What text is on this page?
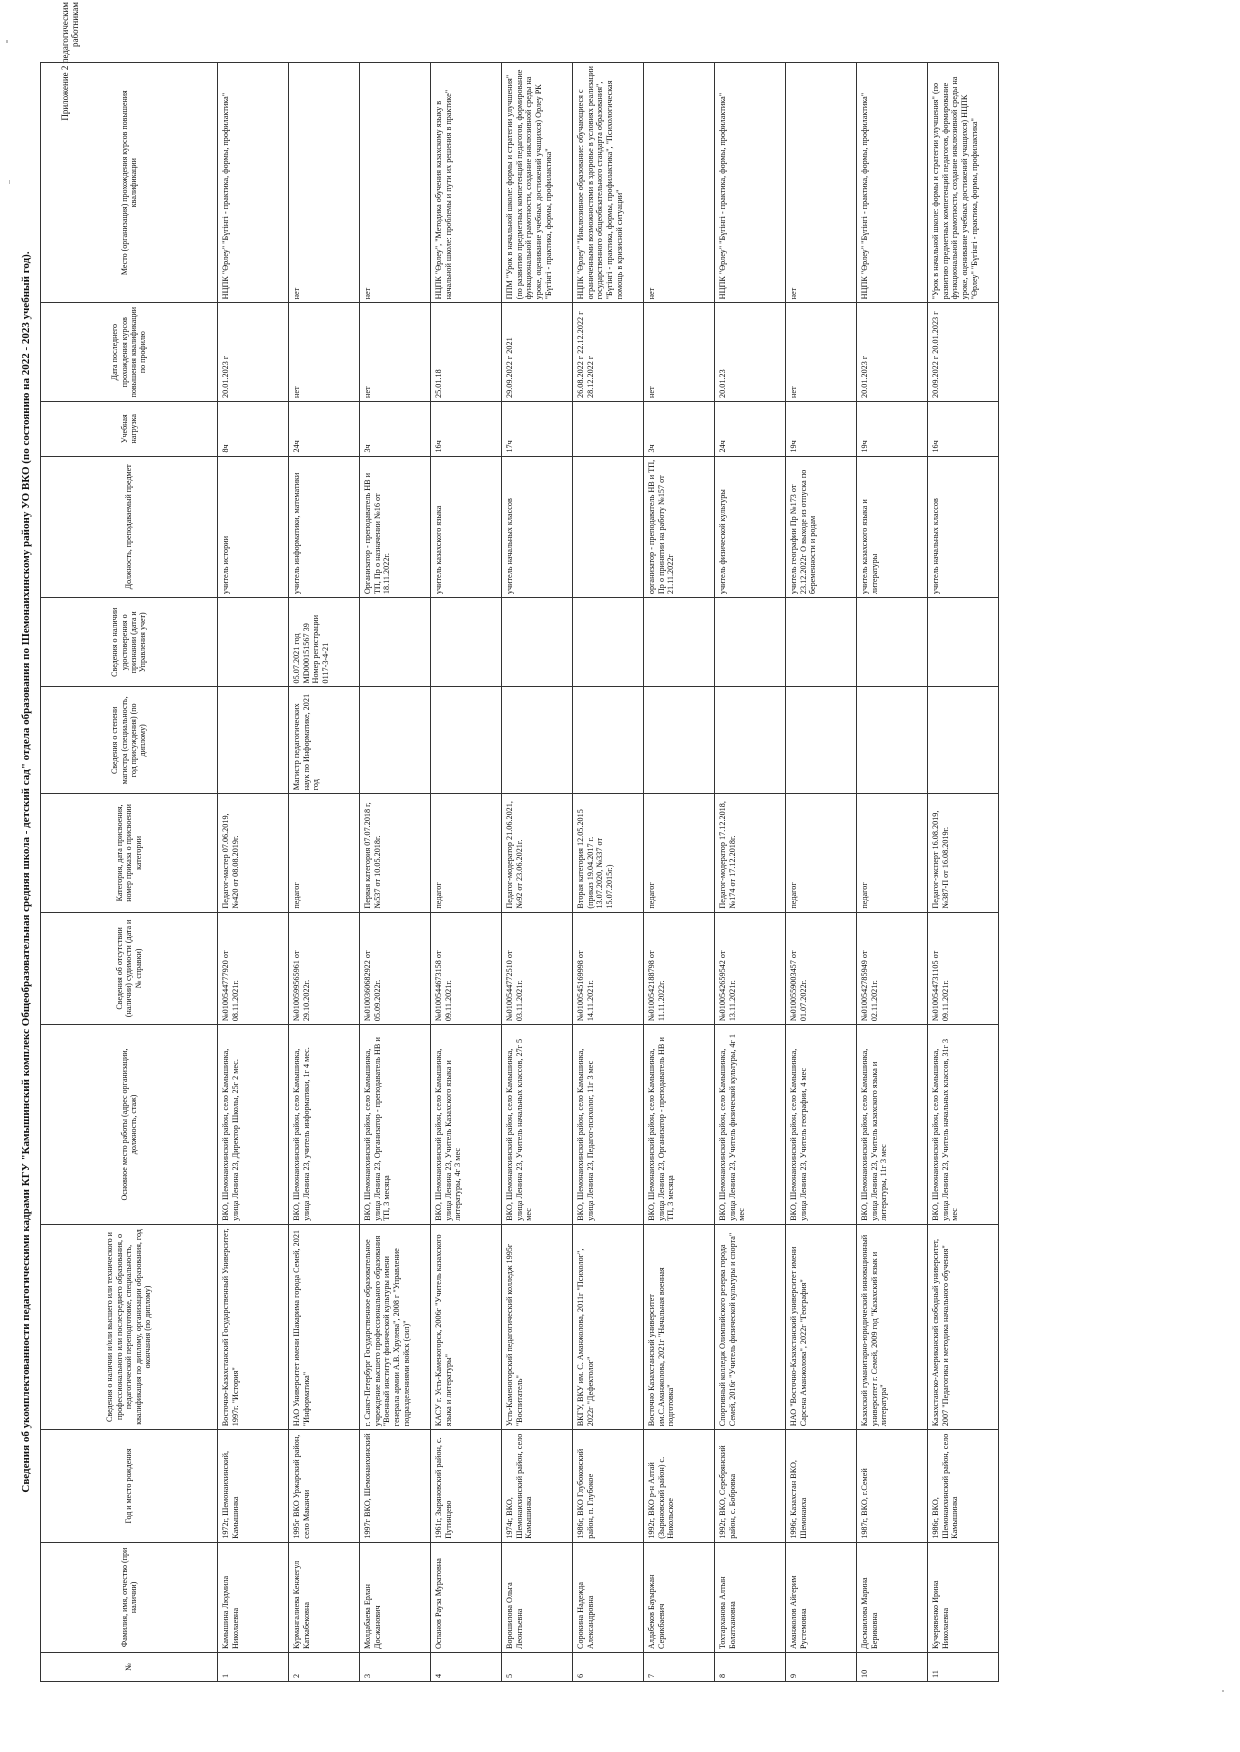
Приложение 2 педагогическим работникам
Сведения об укомплектованности педагогическими кадрами КГУ "Камышинский комплекс Общеобразовательная средняя школа - детский сад" отдела образования по Шемонаихинскому району УО ВКО (по состоянию на 2022 - 2023 учебный год).
№	Фамилия, имя, отчество (при наличии)	Год и место рождения	Сведения о наличии и/или высшего или технического и профессионального или послесреднего образования, о педагогической переподготовке, специальность, квалификация по диплому, организации образования, год окончания (по диплому)	Основное место работы (адрес организации, должность, стаж)	Сведения об отсутствии (наличии) судимости (дата и № справки)	Категория, дата присвоения, номер приказа о присвоении категории	Сведения о степени магистра (специальность, год присуждения) (по диплому)	Сведения о наличии удостоверения о признании (дата и Управления учет)	Должность, преподаваемый предмет	Учебная нагрузка	Дата последнего прохождения курсов повышения квалификации по профилю	Место (организация) прохождения курсов повышения квалификации
1	Камышина Людмила Николаевна	1972г, Шемонаихинский, Камышинка	Восточно-Казахстанский Государственный Университет, 1997г. "История"	ВКО, Шемонаихинский район, село Камышинка, улица Ленина 23, Директор Школы, 25г 2 мес.	№0100544777920 от 08.11.2021г.	Педагог-мастер 07.06.2019, №420 от 08.08.2019г.			учитель истории	8ч	20.01.2023 г	НЦПК "Өрлеу" "Бүгінгі - практика, формы, профилактика"
2	Курмангалиева Кенжегул Каткабековна	1995г ВКО Уржарский район, село Маканчи	НАО Университет имени Шакарима города Семей, 2021 "Информатика"	ВКО, Шемонаихинский район, село Камышинка, улица Ленина 23, учитель информатики, 1г 4 мес.	№0100599565961 от 29.10.2022г.	педагог	Магистр педагогических наук по Информатике, 2021 год	05.07.2021 год MD000151567 39 Номер регистрации 0117-3-4-21	учитель информатики, математики	24ч	нет	нет
3	Молдабаева Ерлан Досжанович	1997г ВКО, Шемонаихинский	г. Санкт-Петербург Государственное образовательное учреждение высшего профессионального образования "Военный институт физической культуры имени генерала армии А.В. Хрулева", 2008 г "Управление подразделениями войск (сил)"	ВКО, Шемонаихинский район, село Камышинка, улица Ленина 23, Организатор - преподаватель НВ и ТП, 3 месяца	№0100360682922 от 05.09.2022г.	Первая категория 07.07.2018 г, №537 от 10.05.2018г.			Организатор - преподаватель НВ и ТП, Пр о назначении №16 от 18.11.2022г.	3ч	нет	нет
4	Оспанов Рауза Муратовна	1961г, Зыряновский район, с. Путинцево	КАСУ г. Усть-Каменогорск, 2006г "Учитель казахского языка и литературы"	ВКО, Шемонаихинский район, село Камышинка, улица Ленина 23, Учитель Казахского языка и литературы, 4г 3 мес	№0100544673158 от 09.11.2021г.	педагог			учитель казахского языка	16ч	25.01.18	НЦПК "Өрлеу", "Методика обучения казахскому языку в начальной школе: проблемы и пути их решения в практике"
5	Ворошилова Ольга Леонтьевна	1974г, ВКО, Шемонаихинский район, село Камышинка	Усть-Каменогорский педагогический колледж 1995г "Воспитатель"	ВКО, Шемонаихинский район, село Камышинка, улица Ленина 23, Учитель начальных классов, 27г 5 мес	№0100544772510 от 03.11.2021г.	Педагог-модератор 21.06.2021, №92 от 23.06.2021г.			учитель начальных классов	17ч	29.09.2022 г 2021	ППМ "Урок в начальной школе: формы и стратегии улучшения" (по развитию предметных компетенций педагогов, формирование функциональной грамотности, создание инклюзивной среды на уроке, оценивание учебных достижений учащихся) Орлеу РК "Бүгінгі - практика, формы, профилактика"
6	Сорокина Надежда Александровна	1986г, ВКО Глубоковский район, п. Глубокое	ВКГУ, ВКУ им. С. Аманжолова, 2011г "Психолог", 2022г "Дефектолог"	ВКО, Шемонаихинский район, село Камышинка, улица Ленина 23, Педагог-психолог, 11г 3 мес	№0100545169998 от 14.11.2021г.	Вторая категория 12.05.2015 (приказ 19.04.2017 г. 13.07.2020, №337 от 15.07.2015г.)					26.08.2022 г 22.12.2022 г 28.12.2022 г	НЦПК "Өрлеу" "Инклюзивное образование: обучающиеся с ограниченными возможностями в здоровье в условиях реализации государственного общеобязательного стандарта образования", "Бүгінгі - практика, формы, профилактика", "Психологическая помощь в кризисной ситуации"
7	Алдабеков Бауыржан Серикбаевич	1992г, ВКО р-н Алтай (Зыряновский район) с. Никольское	Восточно Казахстанский университет им.С.Аманжолова, 2021г "Начальная военная подготовка"	ВКО, Шемонаихинский район, село Камышинка, улица Ленина 23, Организатор - преподаватель НВ и ТП, 3 месяца	№0100542188798 от 11.11.2022г.	педагог			организатор - преподаватель НВ и ТП, Пр о принятии на работу №157 от 21.11.2022г	3ч	нет	нет
8	Тохтарханова Алтын Болатхановна	1992г, ВКО, Серебрянский район, с. Бобровка	Спортивный колледж Олимпийского резерва города Семей, 2016г "Учитель физической культуры и спорта"	ВКО, Шемонаихинский район, село Камышинка, улица Ленина 23, Учитель физической культуры, 4г 1 мес	№0100542659542 от 13.11.2021г.	Педагог-модератор 17.12.2018, №174 от 17.12.2018г.			учитель физической культуры	24ч	20.01.23	НЦПК "Өрлеу" "Бүгінгі - практика, формы, профилактика"
9	Аманжолов Айгерим Рустемовна	1996г, Казахстан ВКО, Шемонаиха	НАО "Восточно-Казахстанский университет имени Сарсена Аманжолова", 2022г "География"	ВКО, Шемонаихинский район, село Камышинка, улица Ленина 23, Учитель географии, 4 мес	№0100559003457 от 01.07.2022г.	педагог			учитель географии Пр №173 от 23.12.2022г О выходе из отпуска по беременности и родам	19ч	нет	нет
10	Досмаилова Марина Бериковна	1987г, ВКО, г.Семей	Казахский гуманитарно-юридический инновационный университет г. Семей, 2009 год "Казахский язык и литература"	ВКО, Шемонаихинский район, село Камышинка, улица Ленина 23, Учитель казахского языка и литературы, 11г 3 мес	№0100542785949 от 02.11.2021г.	педагог			учитель казахского языка и литературы	19ч	20.01.2023 г	НЦПК "Өрлеу" "Бүгінгі - практика, формы, профилактика"
11	Кучерявенко Ирина Николаевна	1986г, ВКО, Шемонаихинский район, село Камышинка	Казахстанско-Американский свободный университет, 2007 "Педагогика и методика начального обучения"	ВКО, Шемонаихинский район, село Камышинка, улица Ленина 23, Учитель начальных классов, 31г 3 мес	№0100544731105 от 09.11.2021г.	Педагог-эксперт 16.08.2019, №387-П от 16.08.2019г.			учитель начальных классов	16ч	20.09.2022 г 20.01.2023 г	"Урок в начальной школе: формы и стратегии улучшения" (по развитию предметных компетенций педагогов, формирование функциональной грамотности, создание инклюзивной среды на уроке, оценивание учебных достижений учащихся) НЦПК "Өрлеу" "Бүгінгі - практика, формы, профилактика"
